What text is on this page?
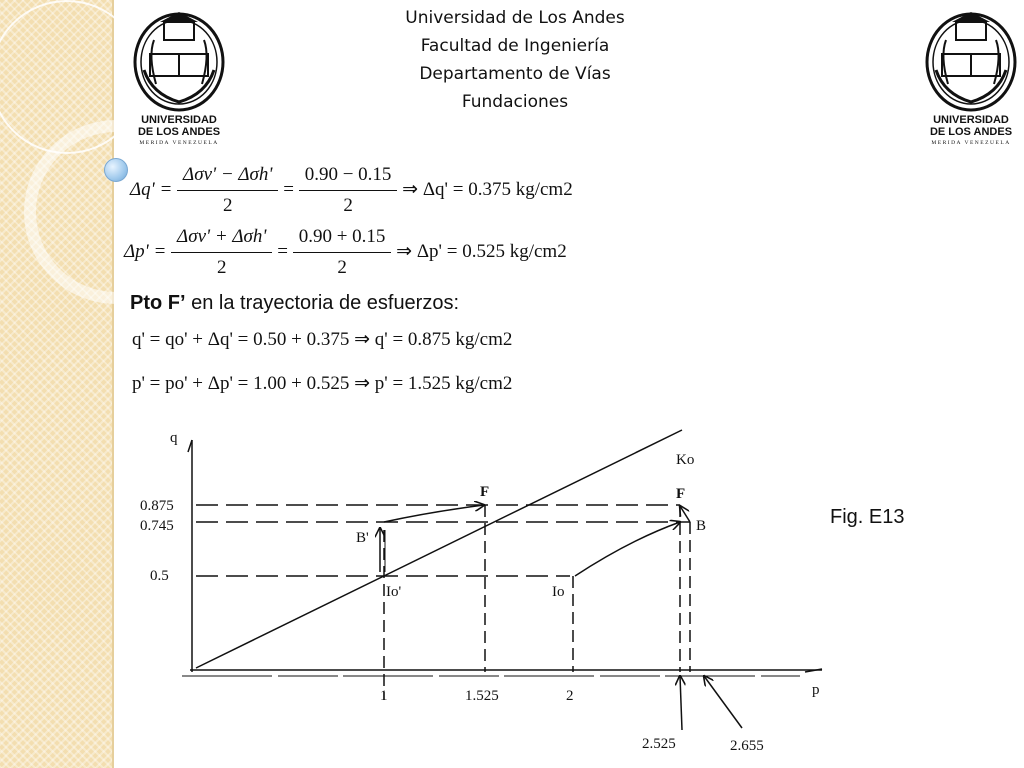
Universidad de Los Andes
Facultad de Ingeniería
Departamento de Vías
Fundaciones
UNIVERSIDAD
DE LOS ANDES
MERIDA VENEZUELA
UNIVERSIDAD
DE LOS ANDES
MERIDA VENEZUELA
$\Delta q' = \frac{\text{Δσv' − Δσh'}}{2} = \frac{0.90 - 0.15}{2}$ ⇒ Δq' = 0.375 kg/cm2
$\Delta p' = \frac{\text{Δσv' + Δσh'}}{2} = \frac{0.90 + 0.15}{2}$ ⇒ Δp' = 0.525 kg/cm2
Pto F’ en la trayectoria de esfuerzos:
q' = qo' + Δq' = 0.50 + 0.375 ⇒ q' = 0.875 kg/cm2
p' = po' + Δp' = 1.00 + 0.525 ⇒ p' = 1.525 kg/cm2
q
p
Ko
0.875
0.745
0.5
1	1.525	2
2.525	2.655
F	F
B'
B
Io'	Io
Fig. E13
